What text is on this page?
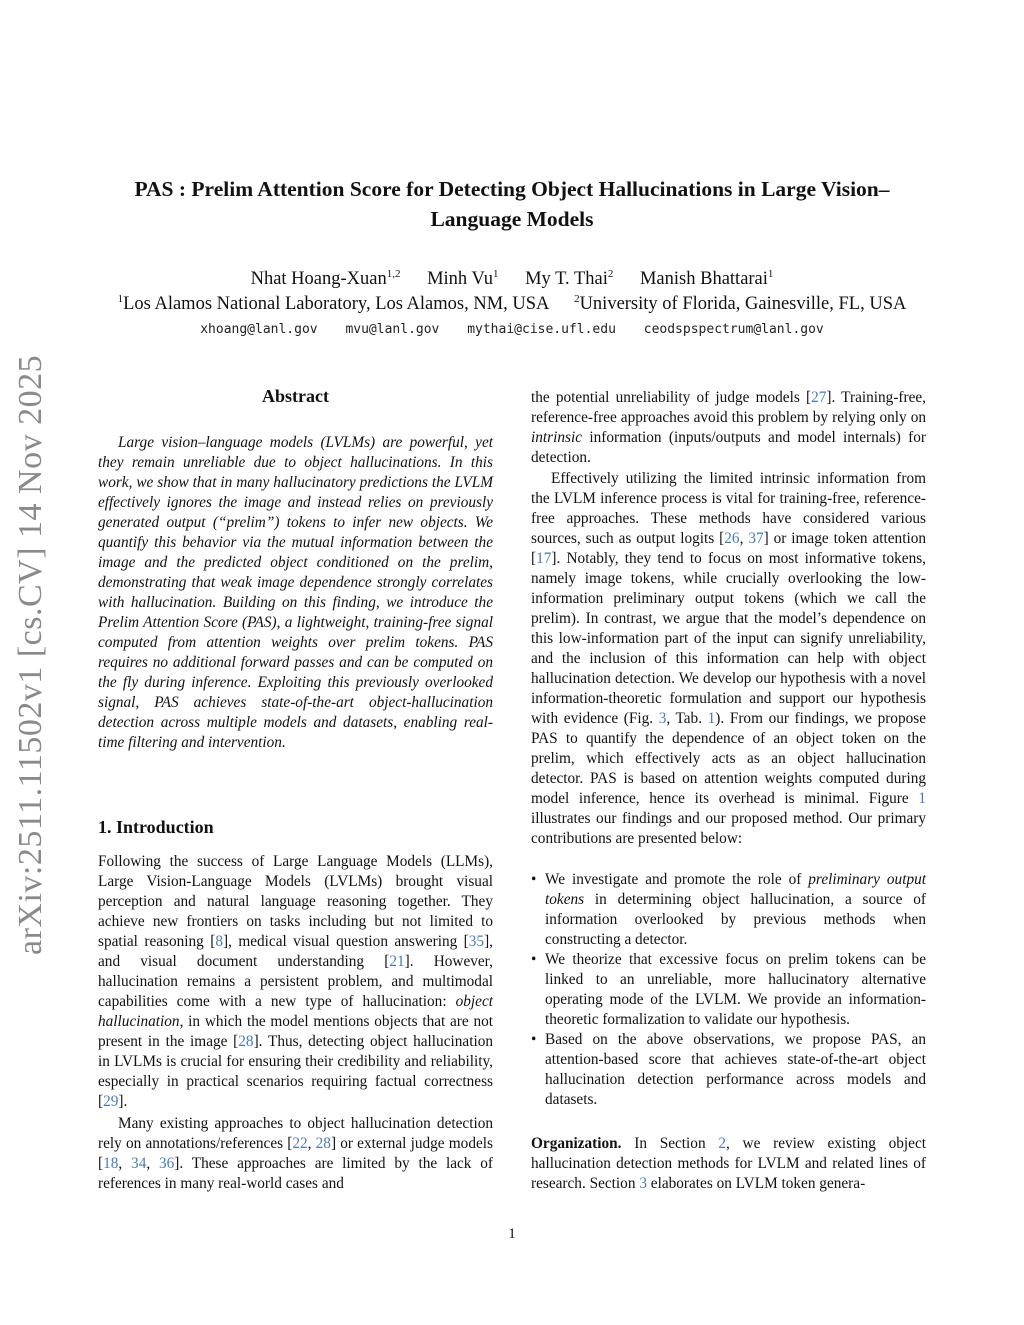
PAS : Prelim Attention Score for Detecting Object Hallucinations in Large Vision–Language Models
Nhat Hoang-Xuan$^{1,2}$ Minh Vu$^1$ My T. Thai$^2$ Manish Bhattarai$^1$
$^1$Los Alamos National Laboratory, Los Alamos, NM, USA $^2$University of Florida, Gainesville, FL, USA
xhoang@lanl.gov mvu@lanl.gov mythai@cise.ufl.edu ceodspspectrum@lanl.gov
arXiv:2511.11502v1 [cs.CV] 14 Nov 2025	Abstract

Large vision–language models (LVLMs) are powerful, yet they remain unreliable due to object hallucinations. In this work, we show that in many hallucinatory predictions the LVLM effectively ignores the image and instead relies on previously generated output (“prelim”) tokens to infer new objects. We quantify this behavior via the mutual information between the image and the predicted object conditioned on the prelim, demonstrating that weak image dependence strongly correlates with hallucination. Building on this finding, we introduce the Prelim Attention Score (PAS), a lightweight, training-free signal computed from attention weights over prelim tokens. PAS requires no additional forward passes and can be computed on the fly during inference. Exploiting this previously overlooked signal, PAS achieves state-of-the-art object-hallucination detection across multiple models and datasets, enabling real-time filtering and intervention.

1. Introduction

Following the success of Large Language Models (LLMs), Large Vision-Language Models (LVLMs) brought visual perception and natural language reasoning together. They achieve new frontiers on tasks including but not limited to spatial reasoning [8], medical visual question answering [35], and visual document understanding [21]. However, hallucination remains a persistent problem, and multimodal capabilities come with a new type of hallucination: object hallucination, in which the model mentions objects that are not present in the image [28]. Thus, detecting object hallucination in LVLMs is crucial for ensuring their credibility and reliability, especially in practical scenarios requiring factual correctness [29].

Many existing approaches to object hallucination detection rely on annotations/references [22, 28] or external judge models [18, 34, 36]. These approaches are limited by the lack of references in many real-world cases and

the potential unreliability of judge models [27]. Training-free, reference-free approaches avoid this problem by relying only on intrinsic information (inputs/outputs and model internals) for detection.

Effectively utilizing the limited intrinsic information from the LVLM inference process is vital for training-free, reference-free approaches. These methods have considered various sources, such as output logits [26, 37] or image token attention [17]. Notably, they tend to focus on most informative tokens, namely image tokens, while crucially overlooking the low-information preliminary output tokens (which we call the prelim). In contrast, we argue that the model’s dependence on this low-information part of the input can signify unreliability, and the inclusion of this information can help with object hallucination detection. We develop our hypothesis with a novel information-theoretic formulation and support our hypothesis with evidence (Fig. 3, Tab. 1). From our findings, we propose PAS to quantify the dependence of an object token on the prelim, which effectively acts as an object hallucination detector. PAS is based on attention weights computed during model inference, hence its overhead is minimal. Figure 1 illustrates our findings and our proposed method. Our primary contributions are presented below:

• We investigate and promote the role of preliminary output tokens in determining object hallucination, a source of information overlooked by previous methods when constructing a detector.
• We theorize that excessive focus on prelim tokens can be linked to an unreliable, more hallucinatory alternative operating mode of the LVLM. We provide an information-theoretic formalization to validate our hypothesis.
• Based on the above observations, we propose PAS, an attention-based score that achieves state-of-the-art object hallucination detection performance across models and datasets.

Organization. In Section 2, we review existing object hallucination detection methods for LVLM and related lines of research. Section 3 elaborates on LVLM token genera-

1
